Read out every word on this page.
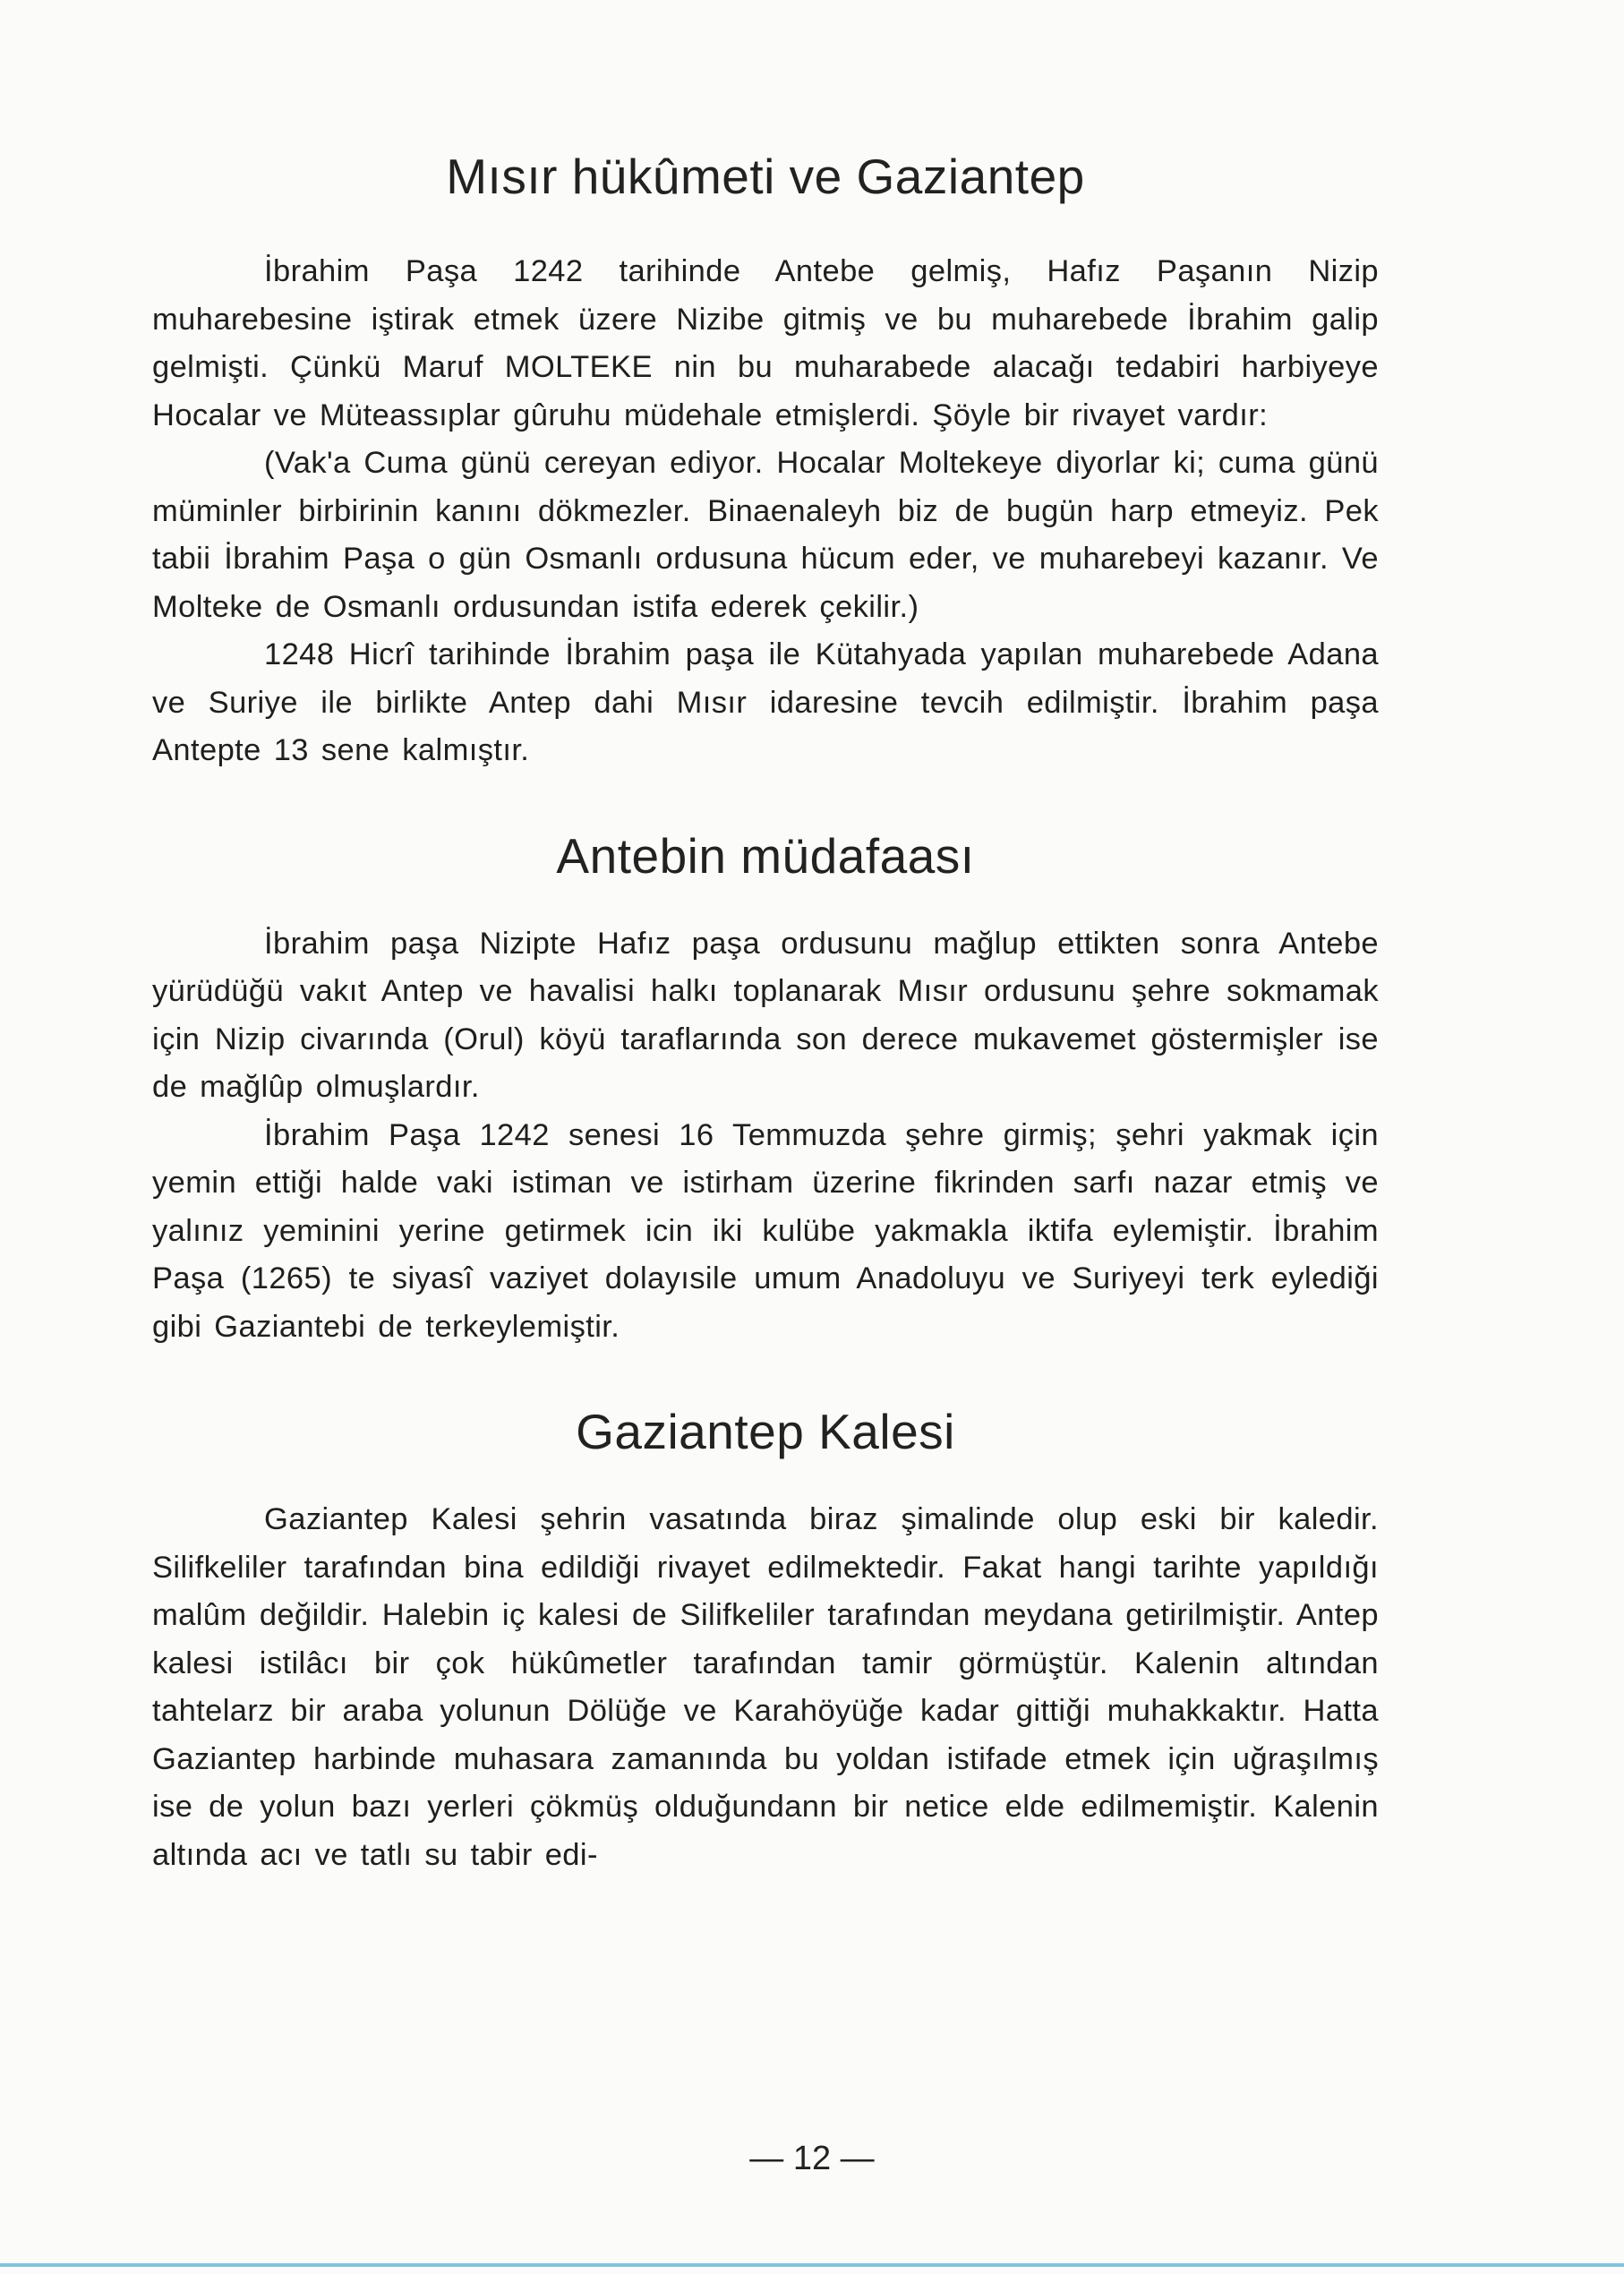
Mısır hükûmeti ve Gaziantep

İbrahim Paşa 1242 tarihinde Antebe gelmiş, Hafız Paşanın Nizip muharebesine iştirak etmek üzere Nizibe gitmiş ve bu muharebede İbrahim galip gelmişti. Çünkü Maruf MOLTEKE nin bu muharabede alacağı tedabiri harbiyeye Hocalar ve Müteassıplar gûruhu müdehale etmişlerdi. Şöyle bir rivayet vardır:

(Vak'a Cuma günü cereyan ediyor. Hocalar Moltekeye diyorlar ki; cuma günü müminler birbirinin kanını dökmezler. Binaenaleyh biz de bugün harp etmeyiz. Pek tabii İbrahim Paşa o gün Osmanlı ordusuna hücum eder, ve muharebeyi kazanır. Ve Molteke de Osmanlı ordusundan istifa ederek çekilir.)

1248 Hicrî tarihinde İbrahim paşa ile Kütahyada yapılan muharebede Adana ve Suriye ile birlikte Antep dahi Mısır idaresine tevcih edilmiştir. İbrahim paşa Antepte 13 sene kalmıştır.

Antebin müdafaası

İbrahim paşa Nizipte Hafız paşa ordusunu mağlup ettikten sonra Antebe yürüdüğü vakıt Antep ve havalisi halkı toplanarak Mısır ordusunu şehre sokmamak için Nizip civarında (Orul) köyü taraflarında son derece mukavemet göstermişler ise de mağlûp olmuşlardır.

İbrahim Paşa 1242 senesi 16 Temmuzda şehre girmiş; şehri yakmak için yemin ettiği halde vaki istiman ve istirham üzerine fikrinden sarfı nazar etmiş ve yalınız yeminini yerine getirmek icin iki kulübe yakmakla iktifa eylemiştir. İbrahim Paşa (1265) te siyasî vaziyet dolayısile umum Anadoluyu ve Suriyeyi terk eylediği gibi Gaziantebi de terkeylemiştir.

Gaziantep Kalesi

Gaziantep Kalesi şehrin vasatında biraz şimalinde olup eski bir kaledir. Silifkeliler tarafından bina edildiği rivayet edilmektedir. Fakat hangi tarihte yapıldığı malûm değildir. Halebin iç kalesi de Silifkeliler tarafından meydana getirilmiştir. Antep kalesi istilâcı bir çok hükûmetler tarafından tamir görmüştür. Kalenin altından tahtelarz bir araba yolunun Dölüğe ve Karahöyüğe kadar gittiği muhakkaktır. Hatta Gaziantep harbinde muhasara zamanında bu yoldan istifade etmek için uğraşılmış ise de yolun bazı yerleri çökmüş olduğundann bir netice elde edilmemiştir. Kalenin altında acı ve tatlı su tabir edi-

— 12 —
